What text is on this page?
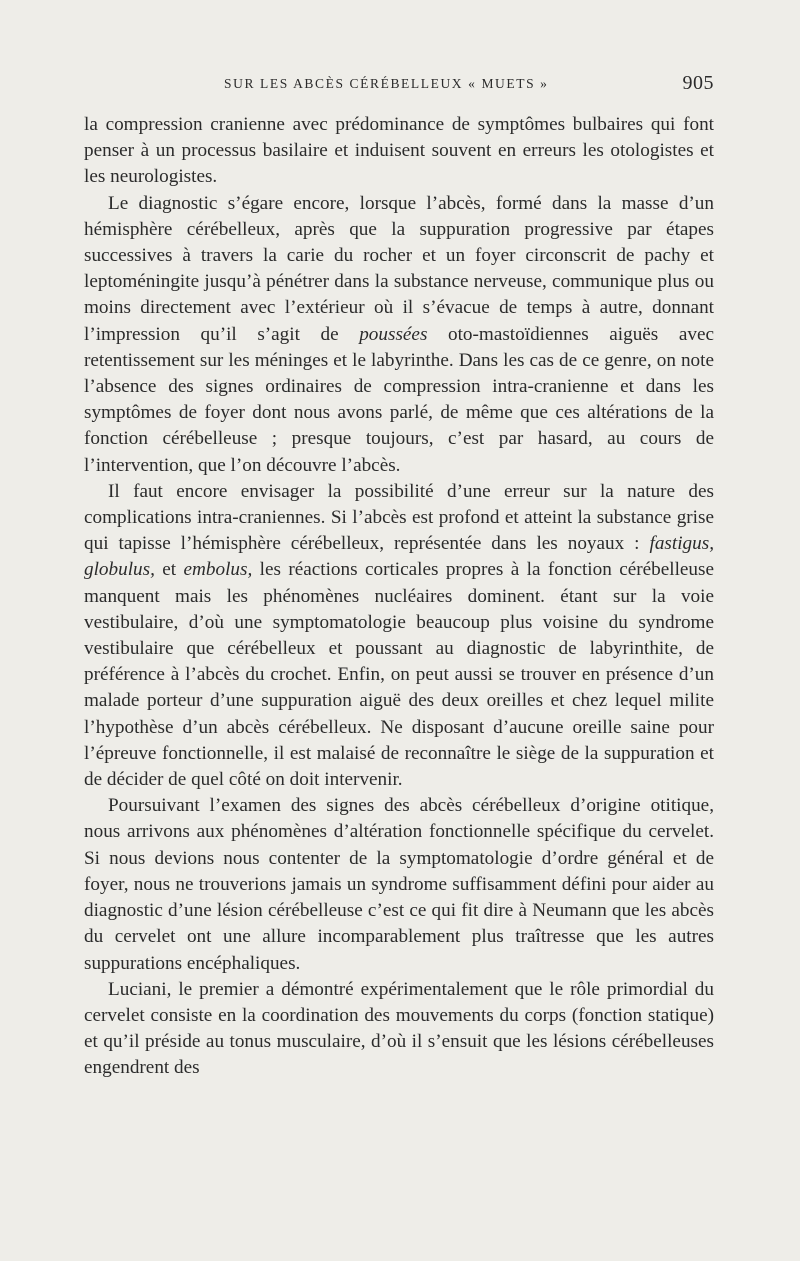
SUR LES ABCÈS CÉRÉBELLEUX « MUETS »	905

la compression cranienne avec prédominance de symptômes bulbaires qui font penser à un processus basilaire et induisent souvent en erreurs les otologistes et les neurologistes.

Le diagnostic s’égare encore, lorsque l’abcès, formé dans la masse d’un hémisphère cérébelleux, après que la suppuration progressive par étapes successives à travers la carie du rocher et un foyer circonscrit de pachy et leptoméningite jusqu’à pénétrer dans la substance nerveuse, communique plus ou moins directement avec l’extérieur où il s’évacue de temps à autre, donnant l’impression qu’il s’agit de poussées oto-mastoïdiennes aiguës avec retentissement sur les méninges et le labyrinthe. Dans les cas de ce genre, on note l’absence des signes ordinaires de compression intra-cranienne et dans les symptômes de foyer dont nous avons parlé, de même que ces altérations de la fonction cérébelleuse ; presque toujours, c’est par hasard, au cours de l’intervention, que l’on découvre l’abcès.

Il faut encore envisager la possibilité d’une erreur sur la nature des complications intra-craniennes. Si l’abcès est profond et atteint la substance grise qui tapisse l’hémisphère cérébelleux, représentée dans les noyaux : fastigus, globulus, et embolus, les réactions corticales propres à la fonction cérébelleuse manquent mais les phénomènes nucléaires dominent. étant sur la voie vestibulaire, d’où une symptomatologie beaucoup plus voisine du syndrome vestibulaire que cérébelleux et poussant au diagnostic de labyrinthite, de préférence à l’abcès du crochet. Enfin, on peut aussi se trouver en présence d’un malade porteur d’une suppuration aiguë des deux oreilles et chez lequel milite l’hypothèse d’un abcès cérébelleux. Ne disposant d’aucune oreille saine pour l’épreuve fonctionnelle, il est malaisé de reconnaître le siège de la suppuration et de décider de quel côté on doit intervenir.

Poursuivant l’examen des signes des abcès cérébelleux d’origine otitique, nous arrivons aux phénomènes d’altération fonctionnelle spécifique du cervelet. Si nous devions nous contenter de la symptomatologie d’ordre général et de foyer, nous ne trouverions jamais un syndrome suffisamment défini pour aider au diagnostic d’une lésion cérébelleuse c’est ce qui fit dire à Neumann que les abcès du cervelet ont une allure incomparablement plus traîtresse que les autres suppurations encéphaliques.

Luciani, le premier a démontré expérimentalement que le rôle primordial du cervelet consiste en la coordination des mouvements du corps (fonction statique) et qu’il préside au tonus musculaire, d’où il s’ensuit que les lésions cérébelleuses engendrent des
